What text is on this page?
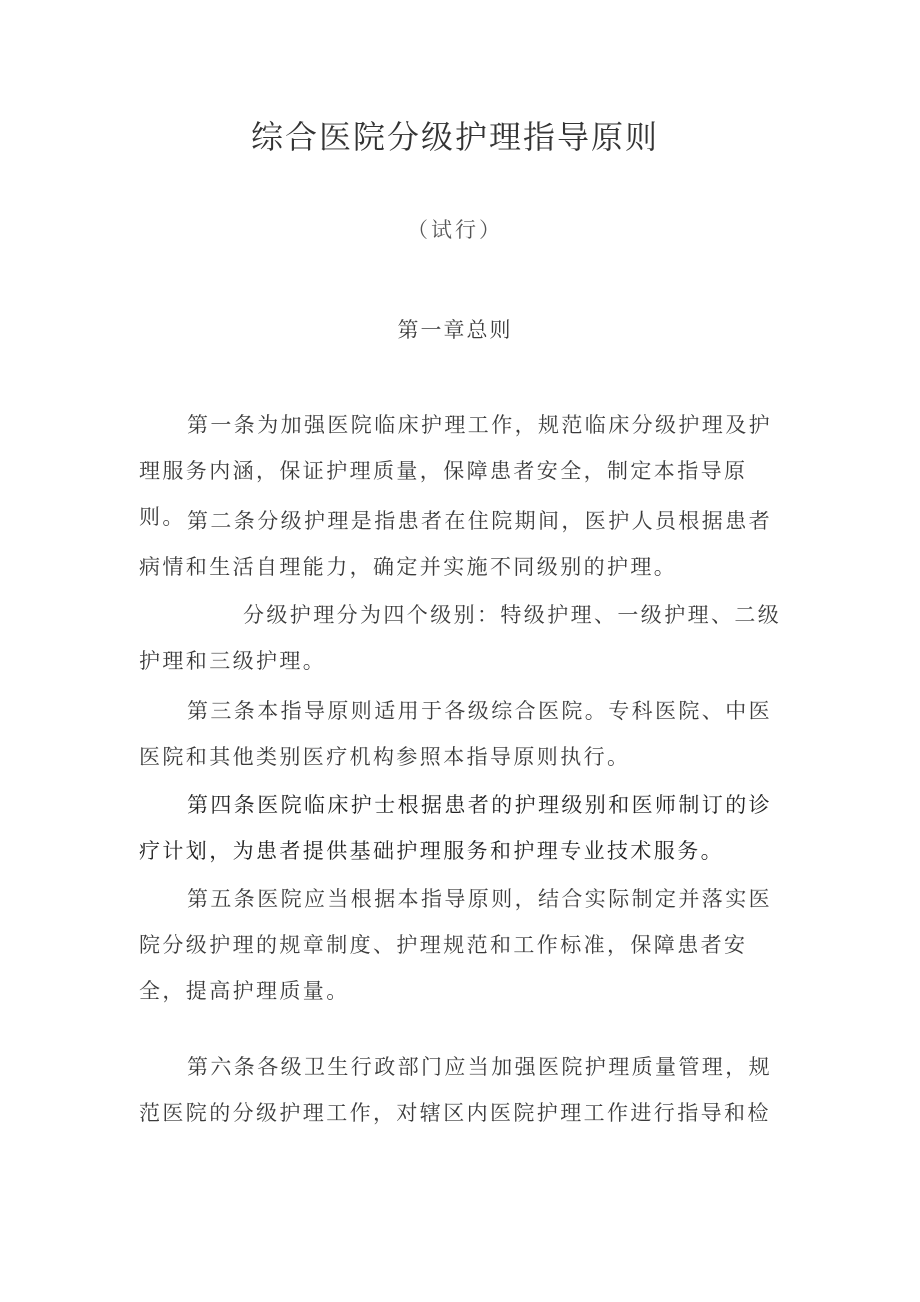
综合医院分级护理指导原则
（试行）
第一章总则

第一条为加强医院临床护理工作，规范临床分级护理及护理服务内涵，保证护理质量，保障患者安全，制定本指导原则。 第二条分级护理是指患者在住院期间，医护人员根据患者病情和生活自理能力，确定并实施不同级别的护理。

分级护理分为四个级别：特级护理、一级护理、二级护理和三级护理。

第三条本指导原则适用于各级综合医院。专科医院、中医医院和其他类别医疗机构参照本指导原则执行。

第四条医院临床护士根据患者的护理级别和医师制订的诊疗计划，为患者提供基础护理服务和护理专业技术服务。

第五条医院应当根据本指导原则，结合实际制定并落实医院分级护理的规章制度、护理规范和工作标准，保障患者安全，提高护理质量。

第六条各级卫生行政部门应当加强医院护理质量管理，规范医院的分级护理工作，对辖区内医院护理工作进行指导和检
